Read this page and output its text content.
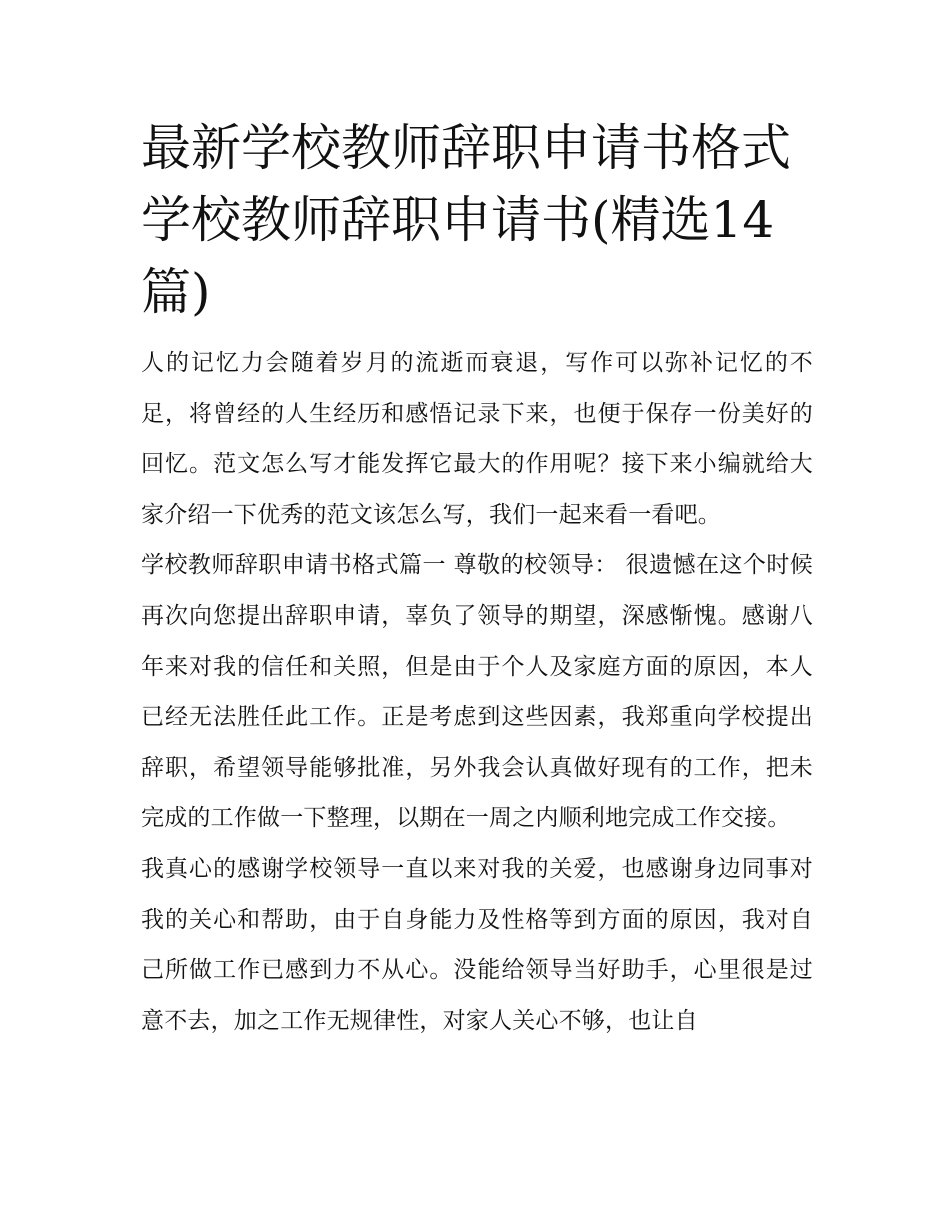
最新学校教师辞职申请书格式学校教师辞职申请书(精选14篇)

人的记忆力会随着岁月的流逝而衰退，写作可以弥补记忆的不足，将曾经的人生经历和感悟记录下来，也便于保存一份美好的回忆。范文怎么写才能发挥它最大的作用呢？接下来小编就给大家介绍一下优秀的范文该怎么写，我们一起来看一看吧。

学校教师辞职申请书格式篇一 尊敬的校领导： 很遗憾在这个时候再次向您提出辞职申请，辜负了领导的期望，深感惭愧。感谢八年来对我的信任和关照，但是由于个人及家庭方面的原因，本人已经无法胜任此工作。正是考虑到这些因素，我郑重向学校提出辞职，希望领导能够批准，另外我会认真做好现有的工作，把未完成的工作做一下整理，以期在一周之内顺利地完成工作交接。

我真心的感谢学校领导一直以来对我的关爱，也感谢身边同事对我的关心和帮助，由于自身能力及性格等到方面的原因，我对自己所做工作已感到力不从心。没能给领导当好助手，心里很是过意不去，加之工作无规律性，对家人关心不够，也让自
